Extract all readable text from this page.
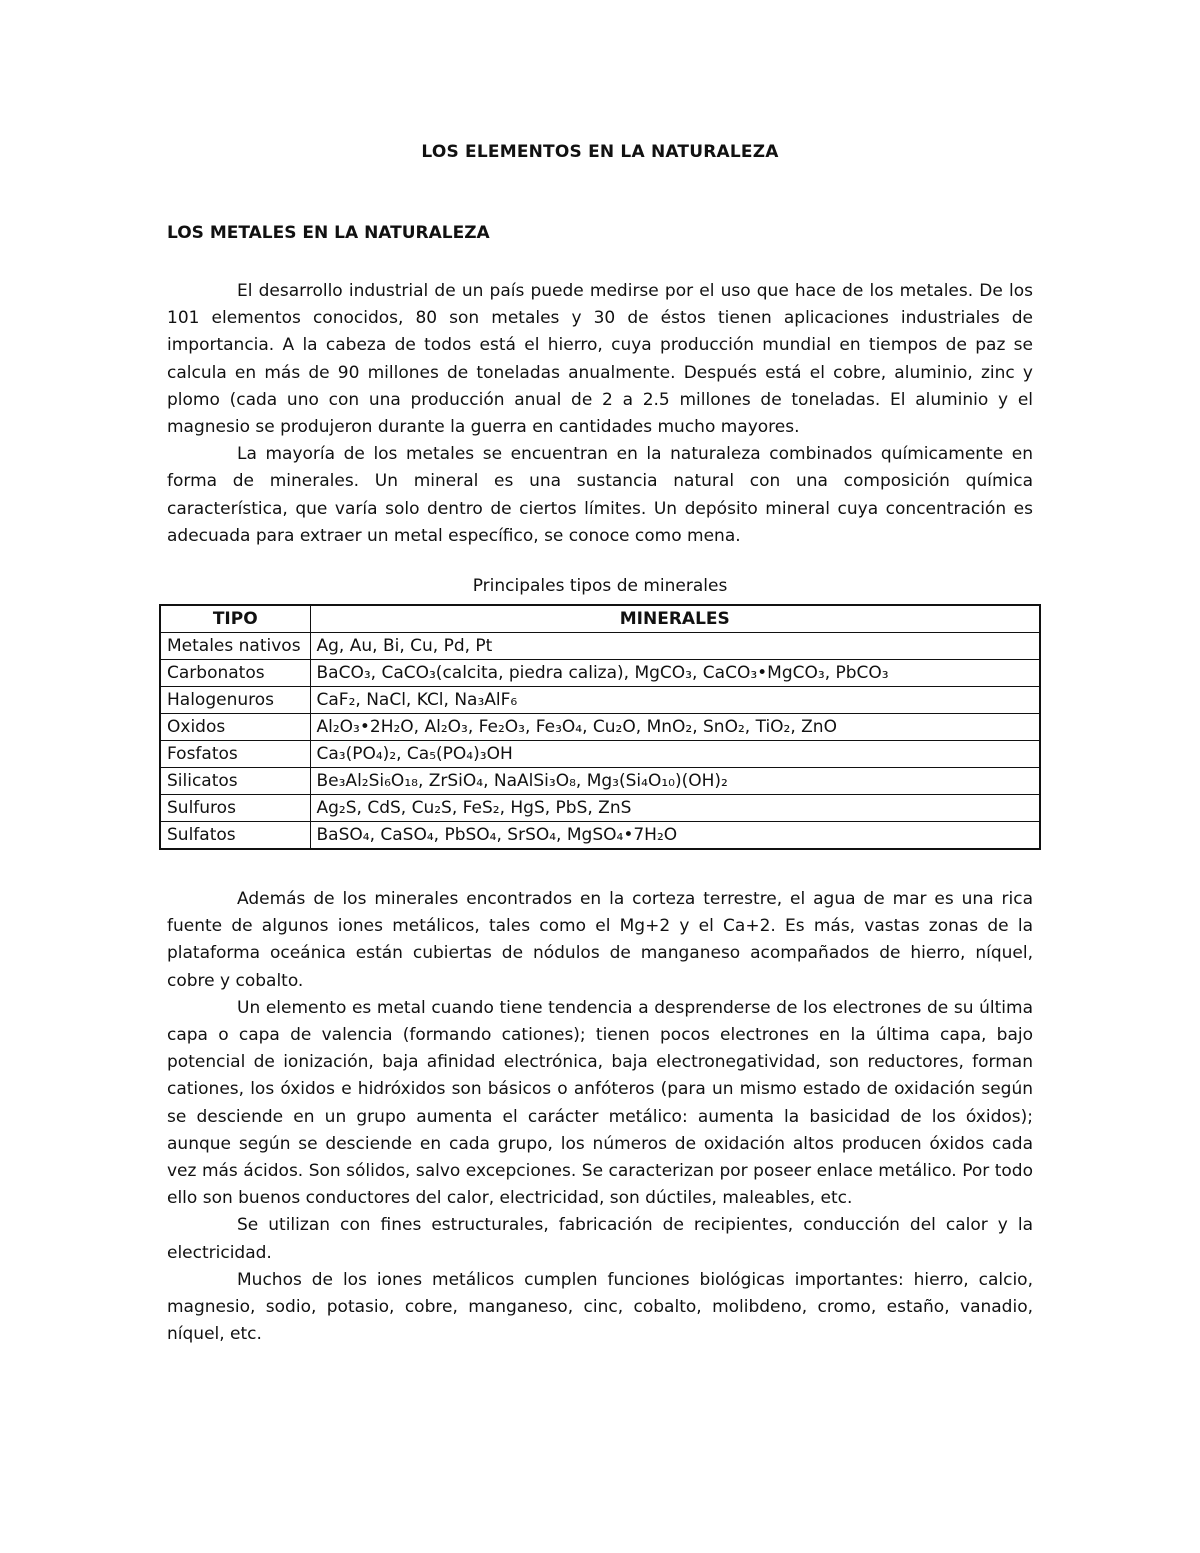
LOS ELEMENTOS EN LA NATURALEZA
LOS METALES EN LA NATURALEZA

El desarrollo industrial de un país puede medirse por el uso que hace de los metales. De los 101 elementos conocidos, 80 son metales y 30 de éstos tienen aplicaciones industriales de importancia. A la cabeza de todos está el hierro, cuya producción mundial en tiempos de paz se calcula en más de 90 millones de toneladas anualmente. Después está el cobre, aluminio, zinc y plomo (cada uno con una producción anual de 2 a 2.5 millones de toneladas. El aluminio y el magnesio se produjeron durante la guerra en cantidades mucho mayores.

La mayoría de los metales se encuentran en la naturaleza combinados químicamente en forma de minerales. Un mineral es una sustancia natural con una composición química característica, que varía solo dentro de ciertos límites. Un depósito mineral cuya concentración es adecuada para extraer un metal específico, se conoce como mena.

Principales tipos de minerales
TIPO	MINERALES
Metales nativos	Ag, Au, Bi, Cu, Pd, Pt
Carbonatos	BaCO₃, CaCO₃(calcita, piedra caliza), MgCO₃, CaCO₃•MgCO₃, PbCO₃
Halogenuros	CaF₂, NaCl, KCl, Na₃AlF₆
Oxidos	Al₂O₃•2H₂O, Al₂O₃, Fe₂O₃, Fe₃O₄, Cu₂O, MnO₂, SnO₂, TiO₂, ZnO
Fosfatos	Ca₃(PO₄)₂, Ca₅(PO₄)₃OH
Silicatos	Be₃Al₂Si₆O₁₈, ZrSiO₄, NaAlSi₃O₈, Mg₃(Si₄O₁₀)(OH)₂
Sulfuros	Ag₂S, CdS, Cu₂S, FeS₂, HgS, PbS, ZnS
Sulfatos	BaSO₄, CaSO₄, PbSO₄, SrSO₄, MgSO₄•7H₂O

Además de los minerales encontrados en la corteza terrestre, el agua de mar es una rica fuente de algunos iones metálicos, tales como el Mg+2 y el Ca+2. Es más, vastas zonas de la plataforma oceánica están cubiertas de nódulos de manganeso acompañados de hierro, níquel, cobre y cobalto.

Un elemento es metal cuando tiene tendencia a desprenderse de los electrones de su última capa o capa de valencia (formando cationes); tienen pocos electrones en la última capa, bajo potencial de ionización, baja afinidad electrónica, baja electronegatividad, son reductores, forman cationes, los óxidos e hidróxidos son básicos o anfóteros (para un mismo estado de oxidación según se desciende en un grupo aumenta el carácter metálico: aumenta la basicidad de los óxidos); aunque según se desciende en cada grupo, los números de oxidación altos producen óxidos cada vez más ácidos. Son sólidos, salvo excepciones. Se caracterizan por poseer enlace metálico. Por todo ello son buenos conductores del calor, electricidad, son dúctiles, maleables, etc.

Se utilizan con fines estructurales, fabricación de recipientes, conducción del calor y la electricidad.

Muchos de los iones metálicos cumplen funciones biológicas importantes: hierro, calcio, magnesio, sodio, potasio, cobre, manganeso, cinc, cobalto, molibdeno, cromo, estaño, vanadio, níquel, etc.
